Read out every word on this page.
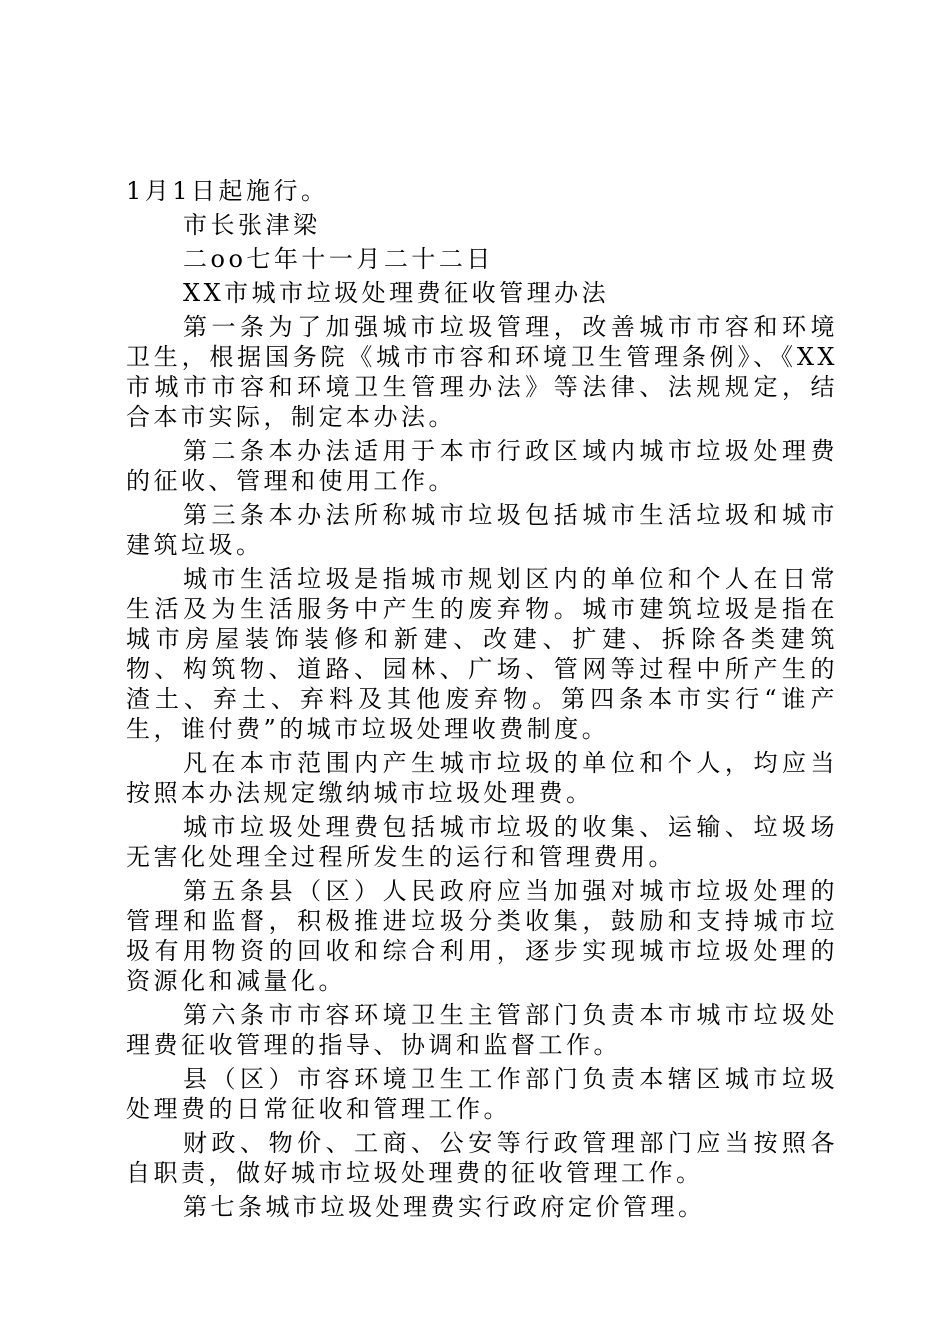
1月1日起施行。

市长张津梁

二oo七年十一月二十二日

XX市城市垃圾处理费征收管理办法

第一条为了加强城市垃圾管理，改善城市市容和环境卫生，根据国务院《城市市容和环境卫生管理条例》、《XX市城市市容和环境卫生管理办法》等法律、法规规定，结合本市实际，制定本办法。

第二条本办法适用于本市行政区域内城市垃圾处理费的征收、管理和使用工作。

第三条本办法所称城市垃圾包括城市生活垃圾和城市建筑垃圾。

城市生活垃圾是指城市规划区内的单位和个人在日常生活及为生活服务中产生的废弃物。城市建筑垃圾是指在城市房屋装饰装修和新建、改建、扩建、拆除各类建筑物、构筑物、道路、园林、广场、管网等过程中所产生的渣土、弃土、弃料及其他废弃物。第四条本市实行“谁产生，谁付费”的城市垃圾处理收费制度。

凡在本市范围内产生城市垃圾的单位和个人，均应当按照本办法规定缴纳城市垃圾处理费。

城市垃圾处理费包括城市垃圾的收集、运输、垃圾场无害化处理全过程所发生的运行和管理费用。

第五条县（区）人民政府应当加强对城市垃圾处理的管理和监督，积极推进垃圾分类收集，鼓励和支持城市垃圾有用物资的回收和综合利用，逐步实现城市垃圾处理的资源化和减量化。

第六条市市容环境卫生主管部门负责本市城市垃圾处理费征收管理的指导、协调和监督工作。

县（区）市容环境卫生工作部门负责本辖区城市垃圾处理费的日常征收和管理工作。

财政、物价、工商、公安等行政管理部门应当按照各自职责，做好城市垃圾处理费的征收管理工作。

第七条城市垃圾处理费实行政府定价管理。
